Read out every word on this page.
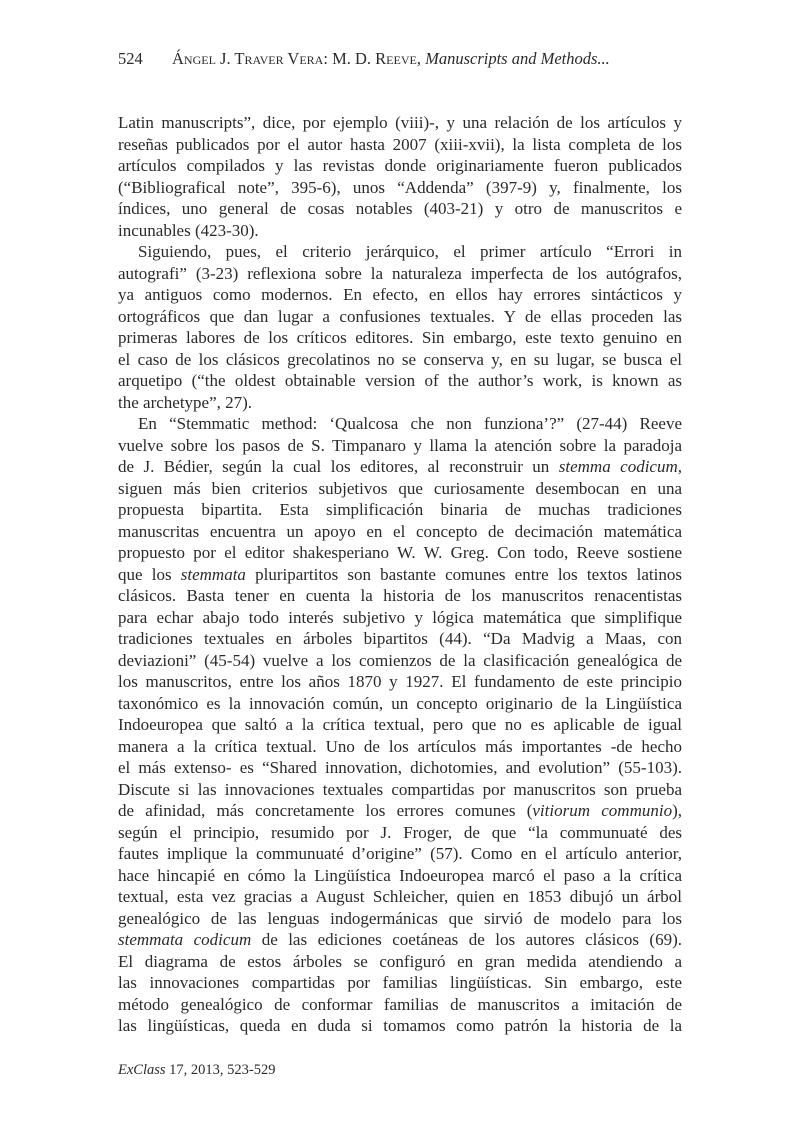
524 Ángel J. Traver Vera: M. D. Reeve, Manuscripts and Methods...
Latin manuscripts”, dice, por ejemplo (viii)-, y una relación de los artículos y
reseñas publicados por el autor hasta 2007 (xiii-xvii), la lista completa de los
artículos compilados y las revistas donde originariamente fueron publicados
(“Bibliografical note”, 395-6), unos “Addenda” (397-9) y, finalmente, los
índices, uno general de cosas notables (403-21) y otro de manuscritos e
incunables (423-30).
Siguiendo, pues, el criterio jerárquico, el primer artículo “Errori in
autografi” (3-23) reflexiona sobre la naturaleza imperfecta de los autógrafos,
ya antiguos como modernos. En efecto, en ellos hay errores sintácticos y
ortográficos que dan lugar a confusiones textuales. Y de ellas proceden las
primeras labores de los críticos editores. Sin embargo, este texto genuino en
el caso de los clásicos grecolatinos no se conserva y, en su lugar, se busca el
arquetipo (“the oldest obtainable version of the author’s work, is known as
the archetype”, 27).
En “Stemmatic method: ‘Qualcosa che non funziona’?” (27-44) Reeve
vuelve sobre los pasos de S. Timpanaro y llama la atención sobre la paradoja
de J. Bédier, según la cual los editores, al reconstruir un stemma codicum,
siguen más bien criterios subjetivos que curiosamente desembocan en una
propuesta bipartita. Esta simplificación binaria de muchas tradiciones
manuscritas encuentra un apoyo en el concepto de decimación matemática
propuesto por el editor shakesperiano W. W. Greg. Con todo, Reeve sostiene
que los stemmata pluripartitos son bastante comunes entre los textos latinos
clásicos. Basta tener en cuenta la historia de los manuscritos renacentistas
para echar abajo todo interés subjetivo y lógica matemática que simplifique
tradiciones textuales en árboles bipartitos (44). “Da Madvig a Maas, con
deviazioni” (45-54) vuelve a los comienzos de la clasificación genealógica de
los manuscritos, entre los años 1870 y 1927. El fundamento de este principio
taxonómico es la innovación común, un concepto originario de la Lingüística
Indoeuropea que saltó a la crítica textual, pero que no es aplicable de igual
manera a la crítica textual. Uno de los artículos más importantes -de hecho
el más extenso- es “Shared innovation, dichotomies, and evolution” (55-103).
Discute si las innovaciones textuales compartidas por manuscritos son prueba
de afinidad, más concretamente los errores comunes (vitiorum communio),
según el principio, resumido por J. Froger, de que “la communuaté des
fautes implique la communuaté d’origine” (57). Como en el artículo anterior,
hace hincapié en cómo la Lingüística Indoeuropea marcó el paso a la crítica
textual, esta vez gracias a August Schleicher, quien en 1853 dibujó un árbol
genealógico de las lenguas indogermánicas que sirvió de modelo para los
stemmata codicum de las ediciones coetáneas de los autores clásicos (69).
El diagrama de estos árboles se configuró en gran medida atendiendo a
las innovaciones compartidas por familias lingüísticas. Sin embargo, este
método genealógico de conformar familias de manuscritos a imitación de
las lingüísticas, queda en duda si tomamos como patrón la historia de la
ExClass 17, 2013, 523-529
